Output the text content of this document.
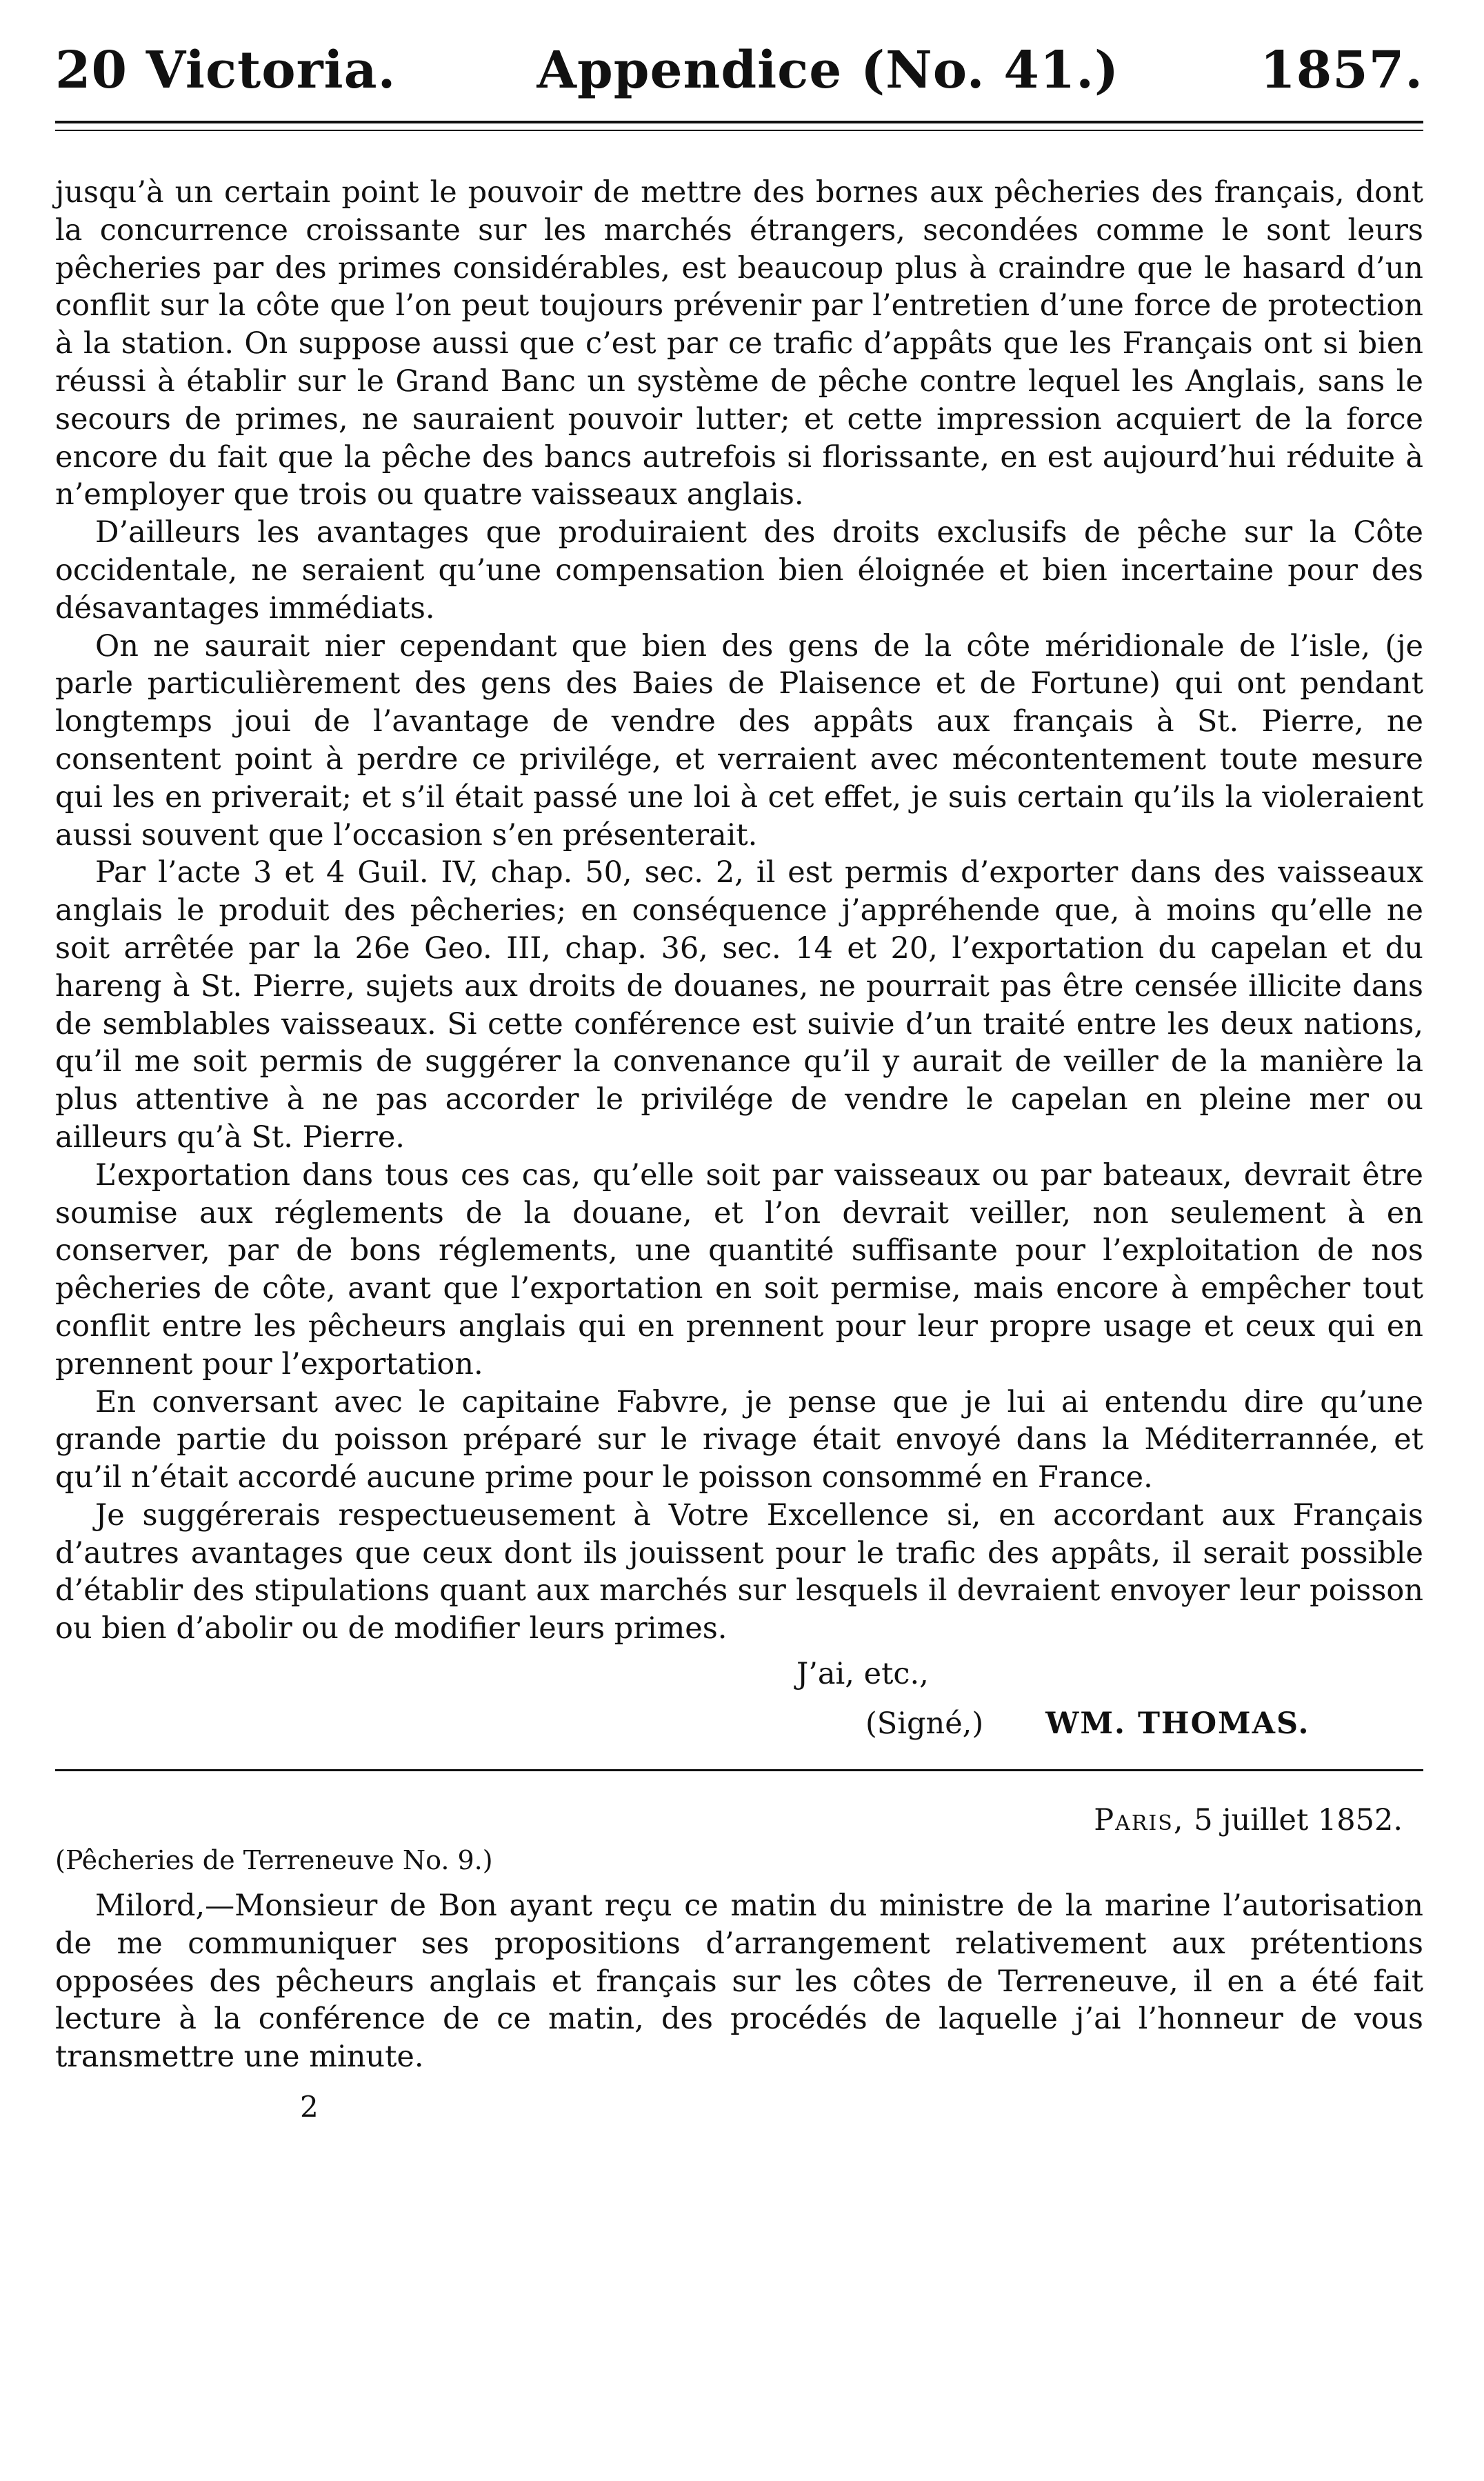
20 Victoria.	Appendice (No. 41.)	1857.

jusqu’à un certain point le pouvoir de mettre des bornes aux pêcheries des français, dont la concurrence croissante sur les marchés étrangers, secondées comme le sont leurs pêcheries par des primes considérables, est beaucoup plus à craindre que le hasard d’un conflit sur la côte que l’on peut toujours prévenir par l’entretien d’une force de protection à la station. On suppose aussi que c’est par ce trafic d’appâts que les Français ont si bien réussi à établir sur le Grand Banc un système de pêche contre lequel les Anglais, sans le secours de primes, ne sauraient pouvoir lutter; et cette impression acquiert de la force encore du fait que la pêche des bancs autrefois si florissante, en est aujourd’hui réduite à n’employer que trois ou quatre vaisseaux anglais.

D’ailleurs les avantages que produiraient des droits exclusifs de pêche sur la Côte occidentale, ne seraient qu’une compensation bien éloignée et bien incertaine pour des désavantages immédiats.

On ne saurait nier cependant que bien des gens de la côte méridionale de l’isle, (je parle particulièrement des gens des Baies de Plaisence et de Fortune) qui ont pendant longtemps joui de l’avantage de vendre des appâts aux français à St. Pierre, ne consentent point à perdre ce privilége, et verraient avec mécontentement toute mesure qui les en priverait; et s’il était passé une loi à cet effet, je suis certain qu’ils la violeraient aussi souvent que l’occasion s’en présenterait.

Par l’acte 3 et 4 Guil. IV, chap. 50, sec. 2, il est permis d’exporter dans des vaisseaux anglais le produit des pêcheries; en conséquence j’appréhende que, à moins qu’elle ne soit arrêtée par la 26e Geo. III, chap. 36, sec. 14 et 20, l’exportation du capelan et du hareng à St. Pierre, sujets aux droits de douanes, ne pourrait pas être censée illicite dans de semblables vaisseaux. Si cette conférence est suivie d’un traité entre les deux nations, qu’il me soit permis de suggérer la convenance qu’il y aurait de veiller de la manière la plus attentive à ne pas accorder le privilége de vendre le capelan en pleine mer ou ailleurs qu’à St. Pierre.

L’exportation dans tous ces cas, qu’elle soit par vaisseaux ou par bateaux, devrait être soumise aux réglements de la douane, et l’on devrait veiller, non seulement à en conserver, par de bons réglements, une quantité suffisante pour l’exploitation de nos pêcheries de côte, avant que l’exportation en soit permise, mais encore à empêcher tout conflit entre les pêcheurs anglais qui en prennent pour leur propre usage et ceux qui en prennent pour l’exportation.

En conversant avec le capitaine Fabvre, je pense que je lui ai entendu dire qu’une grande partie du poisson préparé sur le rivage était envoyé dans la Méditerrannée, et qu’il n’était accordé aucune prime pour le poisson consommé en France.

Je suggérerais respectueusement à Votre Excellence si, en accordant aux Français d’autres avantages que ceux dont ils jouissent pour le trafic des appâts, il serait possible d’établir des stipulations quant aux marchés sur lesquels il devraient envoyer leur poisson ou bien d’abolir ou de modifier leurs primes.

J’ai, etc.,
(Signé,) WM. THOMAS.
Paris, 5 juillet 1852.
(Pêcheries de Terreneuve No. 9.)

Milord,—Monsieur de Bon ayant reçu ce matin du ministre de la marine l’autorisation de me communiquer ses propositions d’arrangement relativement aux prétentions opposées des pêcheurs anglais et français sur les côtes de Terreneuve, il en a été fait lecture à la conférence de ce matin, des procédés de laquelle j’ai l’honneur de vous transmettre une minute.

2
